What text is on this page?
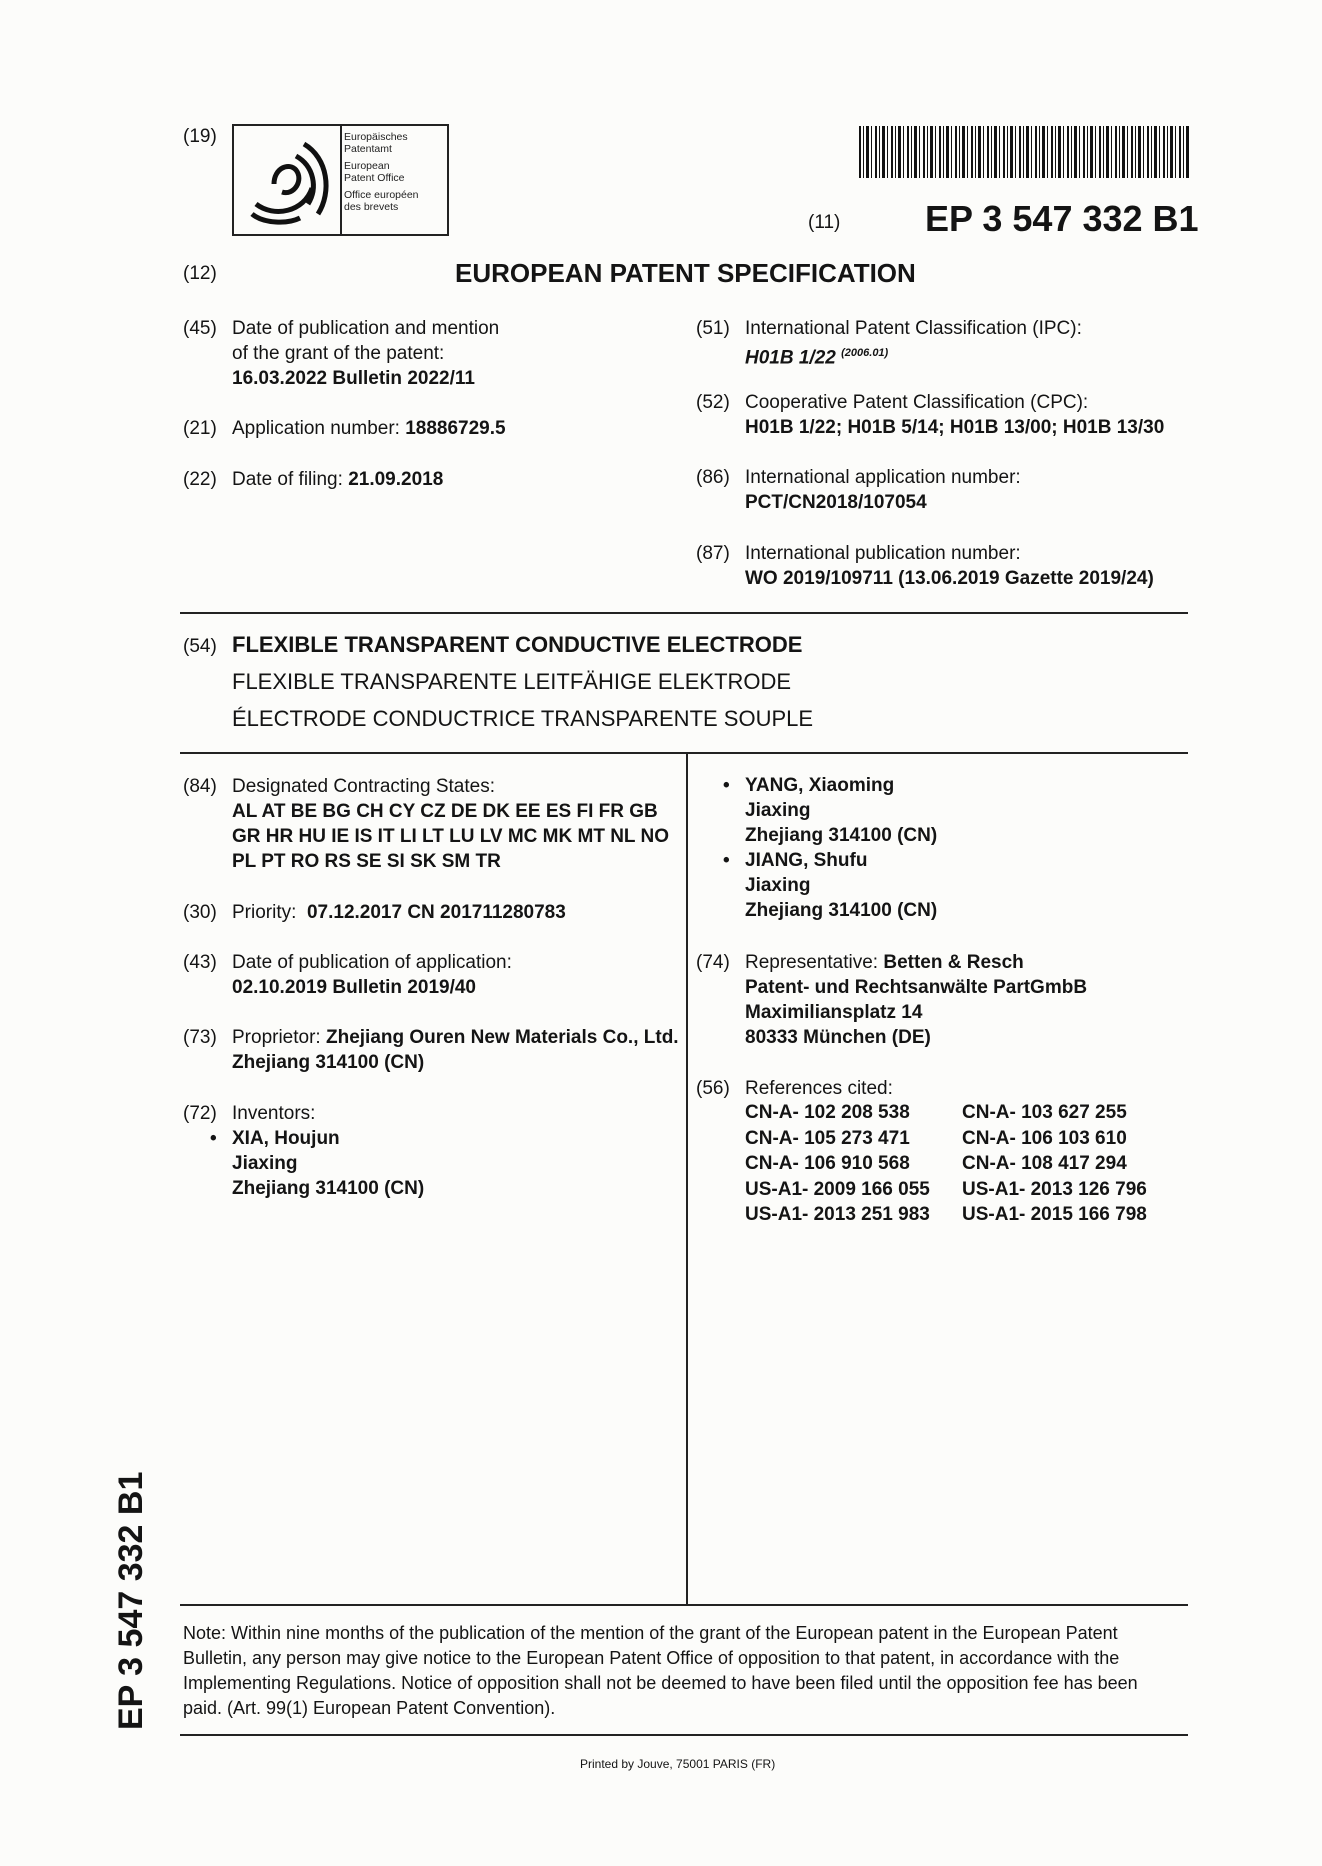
(19)	Europäisches
Patentamt
European
Patent Office
Office européen
des brevets
(11) EP 3 547 332 B1
(12)	EUROPEAN PATENT SPECIFICATION
(45) Date of publication and mention
of the grant of the patent:
16.03.2022 Bulletin 2022/11
(21) Application number: 18886729.5
(22) Date of filing: 21.09.2018
(51) International Patent Classification (IPC):
H01B 1/22 $^{(2006.01)}$
(52) Cooperative Patent Classification (CPC):
H01B 1/22; H01B 5/14; H01B 13/00; H01B 13/30
(86) International application number:
PCT/CN2018/107054
(87) International publication number:
WO 2019/109711 (13.06.2019 Gazette 2019/24)
(54) FLEXIBLE TRANSPARENT CONDUCTIVE ELECTRODE
FLEXIBLE TRANSPARENTE LEITFÄHIGE ELEKTRODE
ÉLECTRODE CONDUCTRICE TRANSPARENTE SOUPLE
(84) Designated Contracting States:
AL AT BE BG CH CY CZ DE DK EE ES FI FR GB
GR HR HU IE IS IT LI LT LU LV MC MK MT NL NO
PL PT RO RS SE SI SK SM TR
(30) Priority: 07.12.2017 CN 201711280783
(43) Date of publication of application:
02.10.2019 Bulletin 2019/40
(73) Proprietor: Zhejiang Ouren New Materials Co., Ltd.
Zhejiang 314100 (CN)
(72) Inventors:
• XIA, Houjun
Jiaxing
Zhejiang 314100 (CN)
• YANG, Xiaoming
Jiaxing
Zhejiang 314100 (CN)
• JIANG, Shufu
Jiaxing
Zhejiang 314100 (CN)
(74) Representative: Betten & Resch
Patent- und Rechtsanwälte PartGmbB
Maximiliansplatz 14
80333 München (DE)
(56) References cited:
CN-A- 102 208 538	CN-A- 103 627 255
CN-A- 105 273 471	CN-A- 106 103 610
CN-A- 106 910 568	CN-A- 108 417 294
US-A1- 2009 166 055	US-A1- 2013 126 796
US-A1- 2013 251 983	US-A1- 2015 166 798
EP 3 547 332 B1 Note: Within nine months of the publication of the mention of the grant of the European patent in the European Patent
Bulletin, any person may give notice to the European Patent Office of opposition to that patent, in accordance with the
Implementing Regulations. Notice of opposition shall not be deemed to have been filed until the opposition fee has been
paid. (Art. 99(1) European Patent Convention).
Printed by Jouve, 75001 PARIS (FR)
